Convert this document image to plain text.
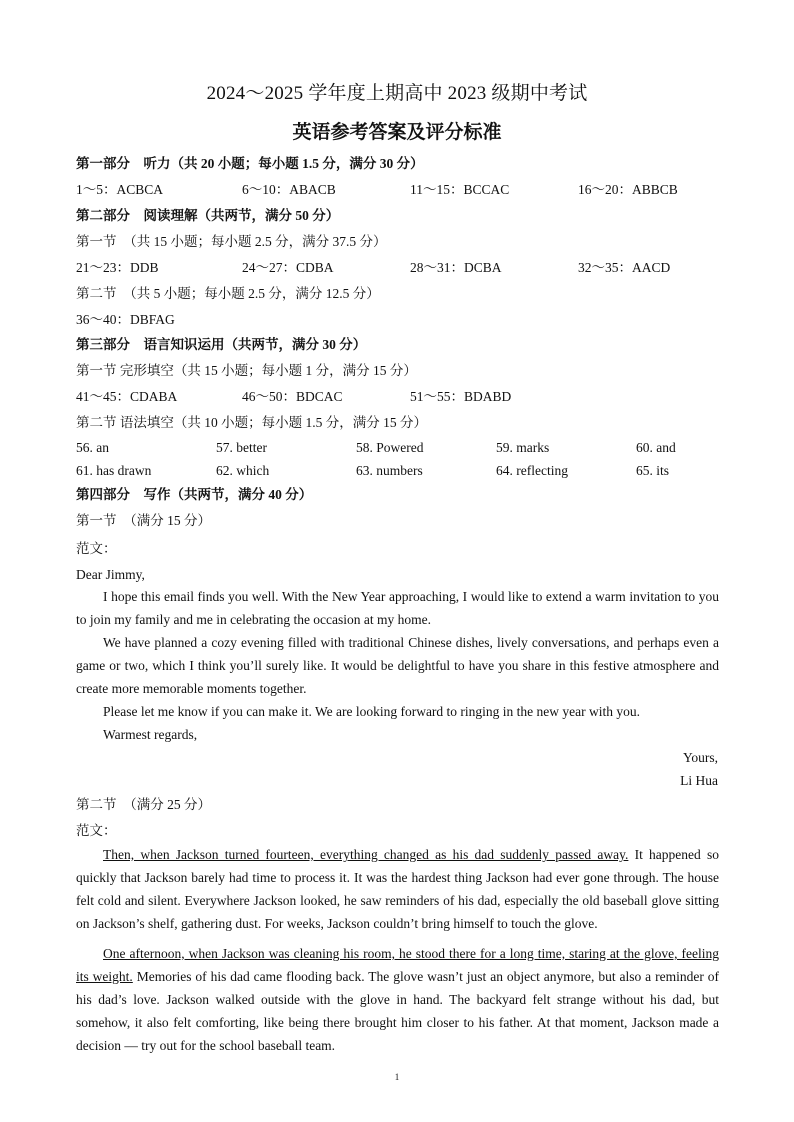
2024～2025 学年度上期高中 2023 级期中考试
英语参考答案及评分标准
第一部分　听力（共 20 小题；每小题 1.5 分，满分 30 分）
1～5：ACBCA	6～10：ABACB	11～15：BCCAC	16～20：ABBCB
第二部分　阅读理解（共两节，满分 50 分）
第一节　（共 15 小题；每小题 2.5 分，满分 37.5 分）
21～23：DDB	24～27：CDBA	28～31：DCBA	32～35：AACD
第二节　（共 5 小题；每小题 2.5 分，满分 12.5 分）
36～40：DBFAG
第三部分　语言知识运用（共两节，满分 30 分）
第一节 完形填空（共 15 小题；每小题 1 分，满分 15 分）
41～45：CDABA	46～50：BDCAC	51～55：BDABD
第二节 语法填空（共 10 小题；每小题 1.5 分，满分 15 分）
56. an	57. better	58. Powered	59. marks	60. and
61. has drawn	62. which	63. numbers	64. reflecting	65. its
第四部分　写作（共两节，满分 40 分）
第一节　（满分 15 分）
范文：
Dear Jimmy,
I hope this email finds you well. With the New Year approaching, I would like to extend a warm invitation to you to join my family and me in celebrating the occasion at my home.
We have planned a cozy evening filled with traditional Chinese dishes, lively conversations, and perhaps even a game or two, which I think you’ll surely like. It would be delightful to have you share in this festive atmosphere and create more memorable moments together.
Please let me know if you can make it. We are looking forward to ringing in the new year with you.
Warmest regards,
Yours,
Li Hua
第二节　（满分 25 分）
范文：
Then, when Jackson turned fourteen, everything changed as his dad suddenly passed away. It happened so quickly that Jackson barely had time to process it. It was the hardest thing Jackson had ever gone through. The house felt cold and silent. Everywhere Jackson looked, he saw reminders of his dad, especially the old baseball glove sitting on Jackson’s shelf, gathering dust. For weeks, Jackson couldn’t bring himself to touch the glove.
One afternoon, when Jackson was cleaning his room, he stood there for a long time, staring at the glove, feeling its weight. Memories of his dad came flooding back. The glove wasn’t just an object anymore, but also a reminder of his dad’s love. Jackson walked outside with the glove in hand. The backyard felt strange without his dad, but somehow, it also felt comforting, like being there brought him closer to his father. At that moment, Jackson made a decision — try out for the school baseball team.
1
